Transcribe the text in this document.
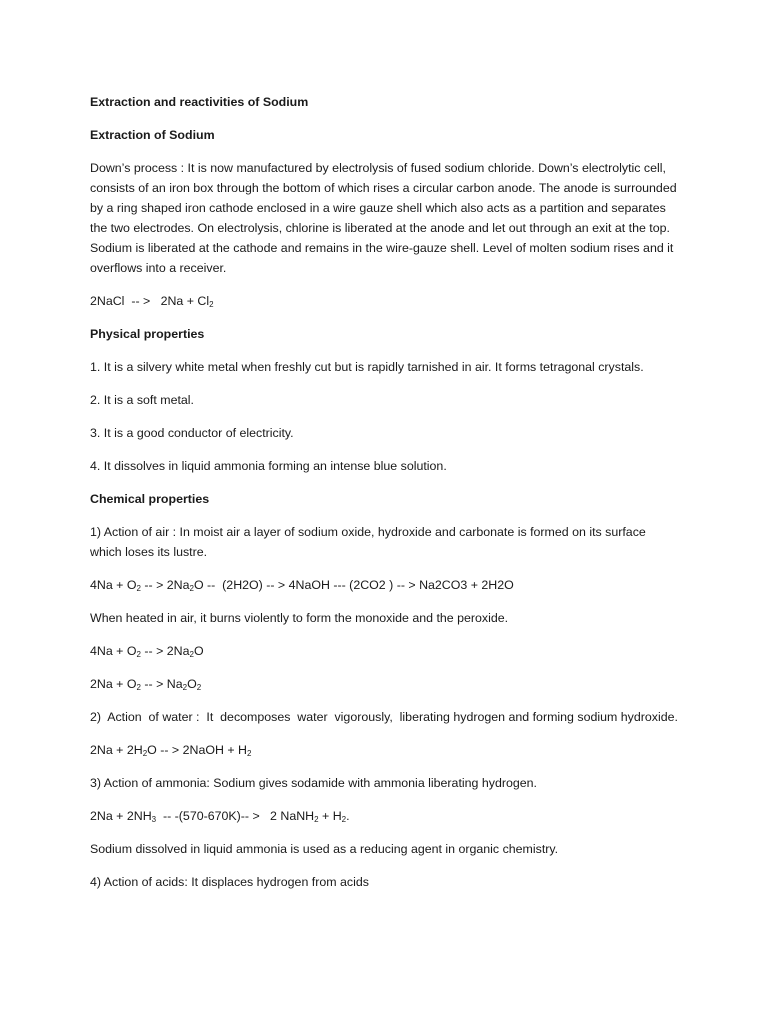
Extraction and reactivities of Sodium
Extraction of Sodium

Down’s process : It is now manufactured by electrolysis of fused sodium chloride. Down’s electrolytic cell, consists of an iron box through the bottom of which rises a circular carbon anode. The anode is surrounded by a ring shaped iron cathode enclosed in a wire gauze shell which also acts as a partition and separates the two electrodes. On electrolysis, chlorine is liberated at the anode and let out through an exit at the top. Sodium is liberated at the cathode and remains in the wire-gauze shell. Level of molten sodium rises and it overflows into a receiver.

2NaCl  -- >   $2Na + Cl_2$

Physical properties

1. It is a silvery white metal when freshly cut but is rapidly tarnished in air. It forms tetragonal crystals.

2. It is a soft metal.

3. It is a good conductor of electricity.

4. It dissolves in liquid ammonia forming an intense blue solution.

Chemical properties

1) Action of air : In moist air a layer of sodium oxide, hydroxide and carbonate is formed on its surface which loses its lustre.

$4Na + O_2$ -- > $2Na_2O -- (2H2O)$ -- > 4NaOH --- (2CO2 ) -- > Na2CO3 + 2H2O

When heated in air, it burns violently to form the monoxide and the peroxide.

$4Na + O_2$ -- > $2Na_2O$

$2Na + O_2$ -- > $Na_2O_2$

2)  Action  of water :  It  decomposes  water  vigorously,  liberating hydrogen and forming sodium hydroxide.

$2Na + 2H_2O$ -- > 2NaOH + $H_2$

3) Action of ammonia: Sodium gives sodamide with ammonia liberating hydrogen.

$2Na + 2NH_3 -- -(570-670K)-- > 2$ NaNH$_2$ + $H_2$.

Sodium dissolved in liquid ammonia is used as a reducing agent in organic chemistry.

4) Action of acids: It displaces hydrogen from acids
